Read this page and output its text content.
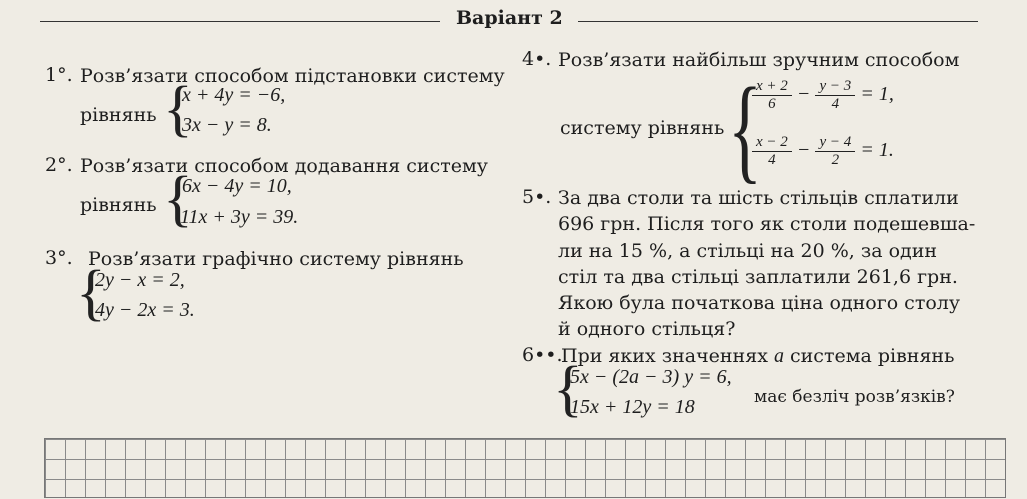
Варіант 2
1°. Розв’язати способом підстановки систему
рівнянь {
x + 4y = −6,
3x − y = 8.
2°. Розв’язати способом додавання систему
рівнянь {
6x − 4y = 10,
11x + 3y = 39.
3°. Розв’язати графічно систему рівнянь
{
2y − x = 2,
4y − 2x = 3.
4•. Розв’язати найбільш зручним способом
систему рівнянь {
$\frac{x + 2}{6} - \frac{y - 3}{4} = 1$,
$\frac{x - 2}{4} - \frac{y - 4}{2} = 1$.
5•. За два столи та шість стільців сплатили
696 грн. Після того як столи подешевша-
ли на 15 %, а стільці на 20 %, за один
стіл та два стільці заплатили 261,6 грн.
Якою була початкова ціна одного столу
й одного стільця?
6••.
При яких значеннях a система рівнянь
{
5x − (2a − 3) y = 6,
15x + 12y = 18	має безліч розв’язків?
